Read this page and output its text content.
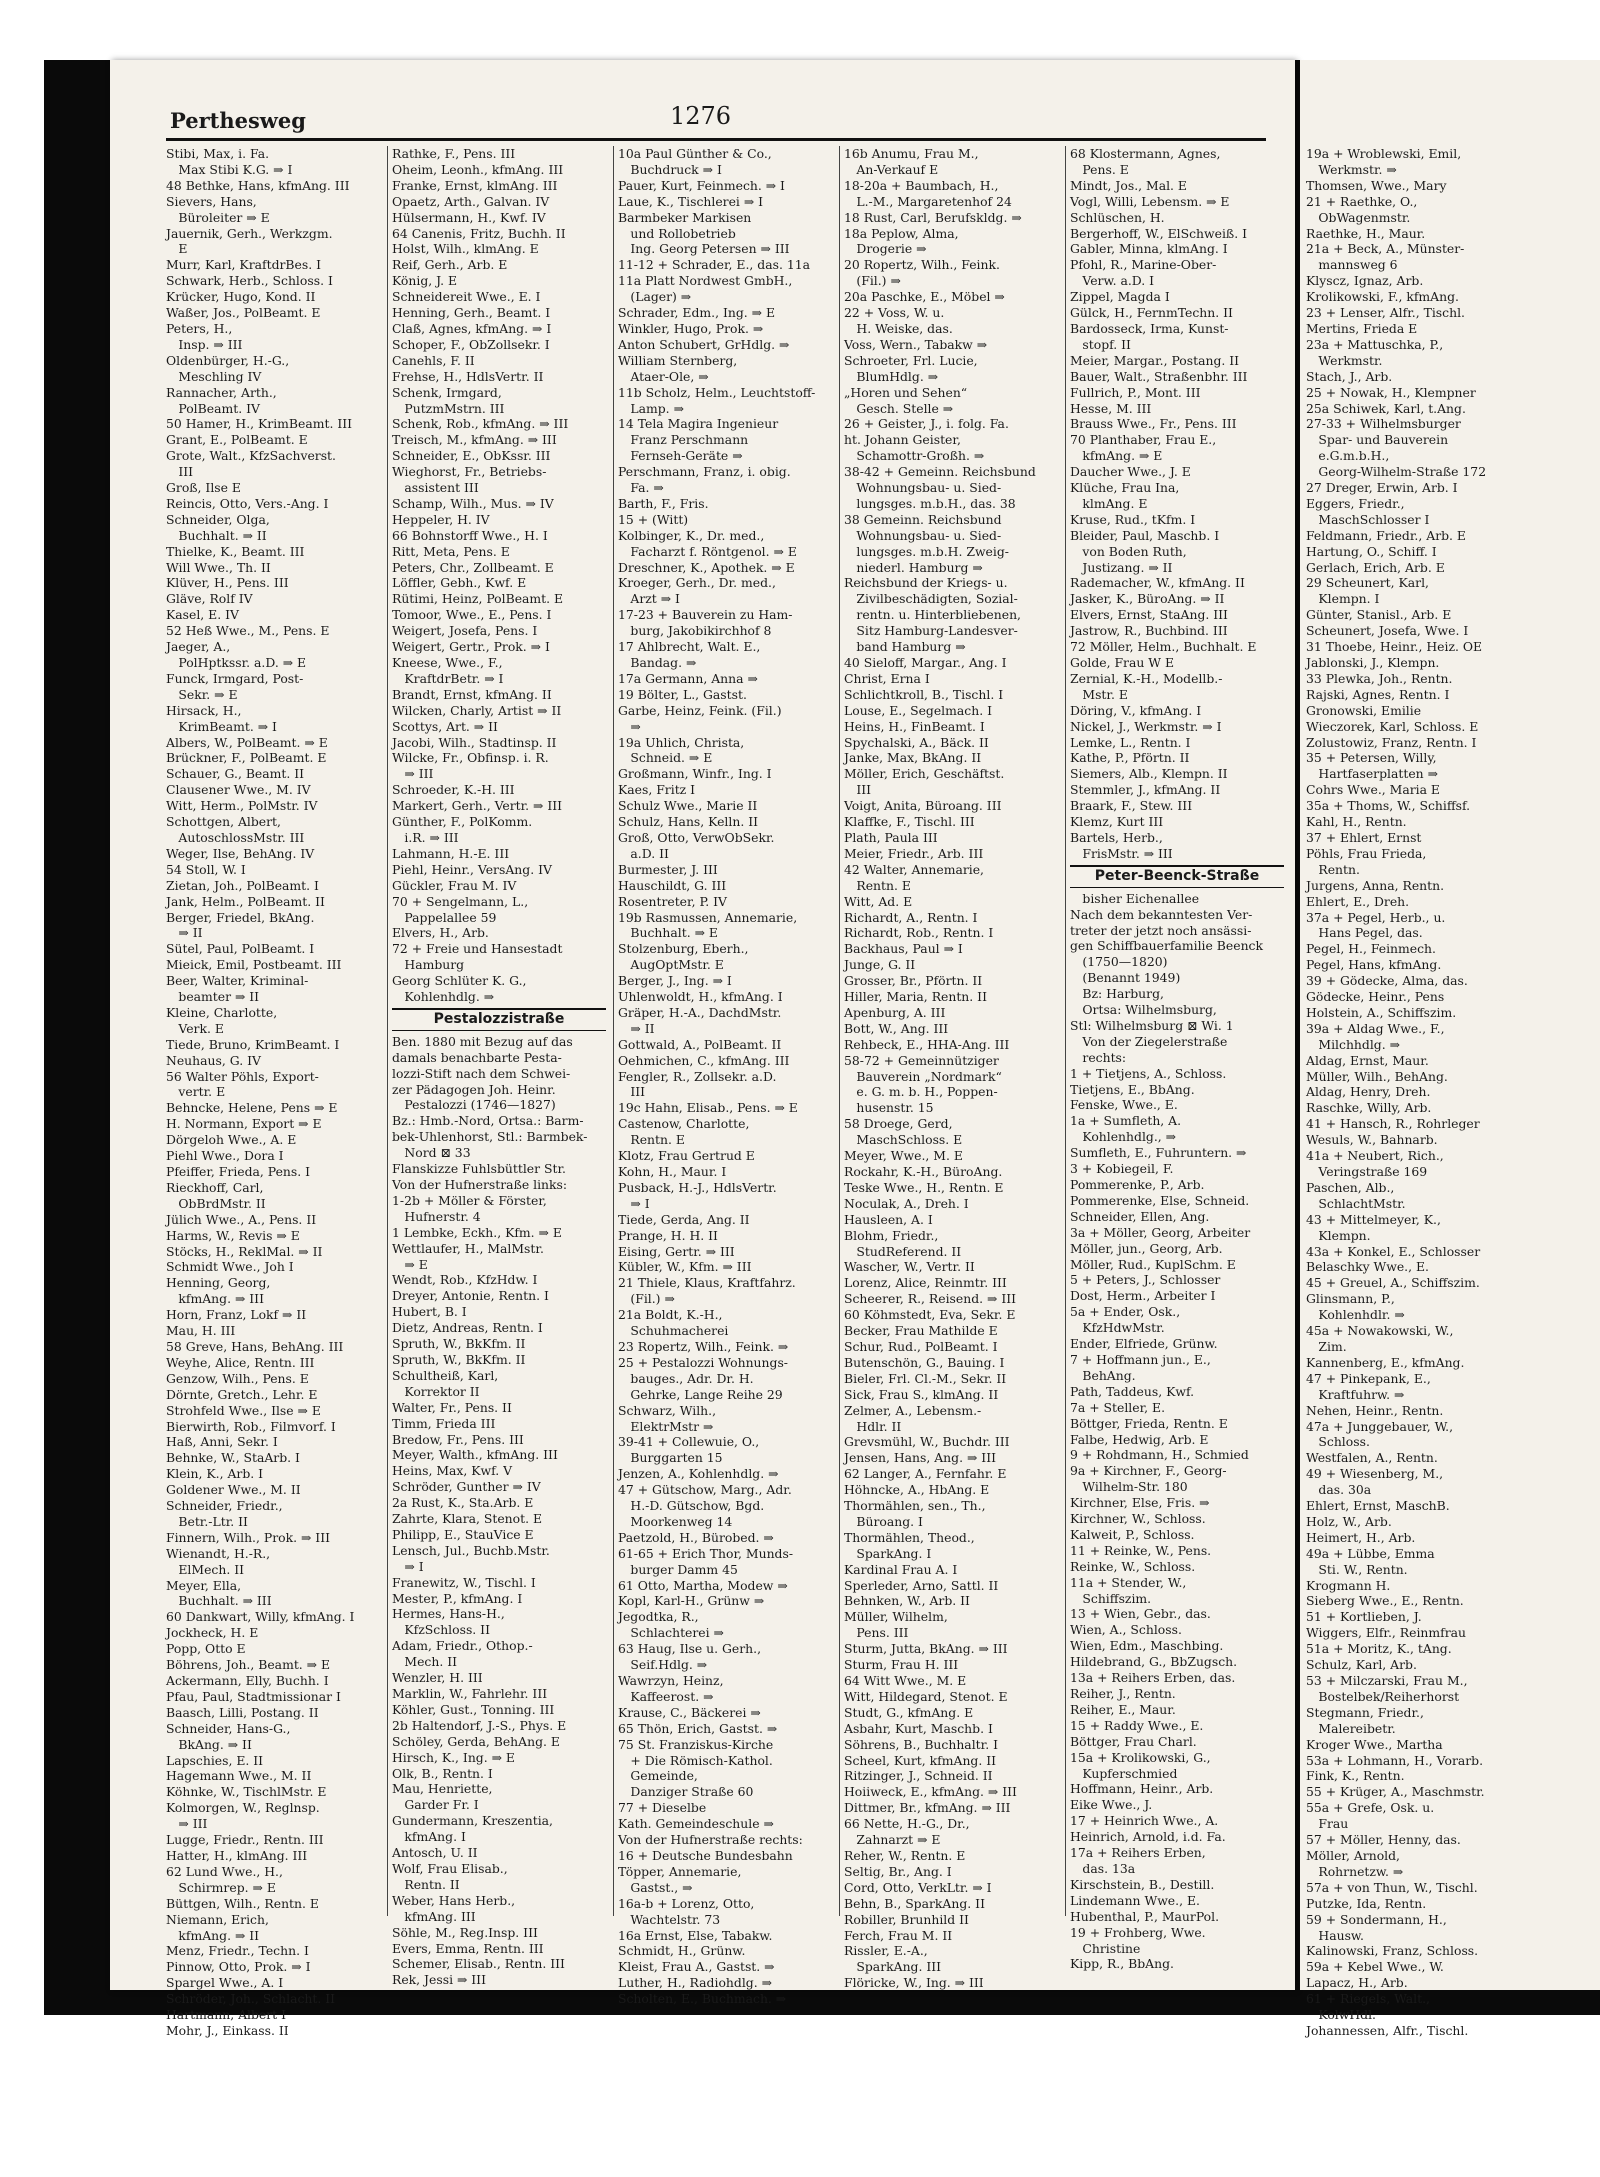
Perthesweg	1276
Stibi, Max, i. Fa.
 Max Stibi K.G. ⇒ I
48 Bethke, Hans, kfmAng. III
Sievers, Hans,
 Büroleiter ⇒ E
Jauernik, Gerh., Werkzgm.
 E
Murr, Karl, KraftdrBes. I
Schwark, Herb., Schloss. I
Krücker, Hugo, Kond. II
Waßer, Jos., PolBeamt. E
Peters, H.,
 Insp. ⇒ III
Oldenbürger, H.-G.,
 Meschling IV
Rannacher, Arth.,
 PolBeamt. IV
50 Hamer, H., KrimBeamt. III
Grant, E., PolBeamt. E
Grote, Walt., KfzSachverst.
 III
Groß, Ilse E
Reincis, Otto, Vers.-Ang. I
Schneider, Olga,
 Buchhalt. ⇒ II
Thielke, K., Beamt. III
Will Wwe., Th. II
Klüver, H., Pens. III
Gläve, Rolf IV
Kasel, E. IV
52 Heß Wwe., M., Pens. E
Jaeger, A.,
 PolHptkssr. a.D. ⇒ E
Funck, Irmgard, Post-
 Sekr. ⇒ E
Hirsack, H.,
 KrimBeamt. ⇒ I
Albers, W., PolBeamt. ⇒ E
Brückner, F., PolBeamt. E
Schauer, G., Beamt. II
Clausener Wwe., M. IV
Witt, Herm., PolMstr. IV
Schottgen, Albert,
 AutoschlossMstr. III
Weger, Ilse, BehAng. IV
54 Stoll, W. I
Zietan, Joh., PolBeamt. I
Jank, Helm., PolBeamt. II
Berger, Friedel, BkAng.
 ⇒ II
Sütel, Paul, PolBeamt. I
Mieick, Emil, Postbeamt. III
Beer, Walter, Kriminal-
 beamter ⇒ II
Kleine, Charlotte,
 Verk. E
Tiede, Bruno, KrimBeamt. I
Neuhaus, G. IV
56 Walter Pöhls, Export-
 vertr. E
Behncke, Helene, Pens ⇒ E
H. Normann, Export ⇒ E
Dörgeloh Wwe., A. E
Piehl Wwe., Dora I
Pfeiffer, Frieda, Pens. I
Rieckhoff, Carl,
 ObBrdMstr. II
Jülich Wwe., A., Pens. II
Harms, W., Revis ⇒ E
Stöcks, H., ReklMal. ⇒ II
Schmidt Wwe., Joh I
Henning, Georg,
 kfmAng. ⇒ III
Horn, Franz, Lokf ⇒ II
Mau, H. III
58 Greve, Hans, BehAng. III
Weyhe, Alice, Rentn. III
Genzow, Wilh., Pens. E
Dörnte, Gretch., Lehr. E
Strohfeld Wwe., Ilse ⇒ E
Bierwirth, Rob., Filmvorf. I
Haß, Anni, Sekr. I
Behnke, W., StaArb. I
Klein, K., Arb. I
Goldener Wwe., M. II
Schneider, Friedr.,
 Betr.-Ltr. II
Finnern, Wilh., Prok. ⇒ III
Wienandt, H.-R.,
 ElMech. II
Meyer, Ella,
 Buchhalt. ⇒ III
60 Dankwart, Willy, kfmAng. I
Jockheck, H. E
Popp, Otto E
Böhrens, Joh., Beamt. ⇒ E
Ackermann, Elly, Buchh. I
Pfau, Paul, Stadtmissionar I
Baasch, Lilli, Postang. II
Schneider, Hans-G.,
 BkAng. ⇒ II
Lapschies, E. II
Hagemann Wwe., M. II
Köhnke, W., TischlMstr. E
Kolmorgen, W., Reglnsp.
 ⇒ III
Lugge, Friedr., Rentn. III
Hatter, H., klmAng. III
62 Lund Wwe., H.,
 Schirmrep. ⇒ E
Büttgen, Wilh., Rentn. E
Niemann, Erich,
 kfmAng. ⇒ II
Menz, Friedr., Techn. I
Pinnow, Otto, Prok. ⇒ I
Spargel Wwe., A. I
Schröder, Joh., Schlacht. II
Hartmann, Albert I
Mohr, J., Einkass. II
Rathke, F., Pens. III
Oheim, Leonh., kfmAng. III
Franke, Ernst, klmAng. III
Opaetz, Arth., Galvan. IV
Hülsermann, H., Kwf. IV
64 Canenis, Fritz, Buchh. II
Holst, Wilh., klmAng. E
Reif, Gerh., Arb. E
König, J. E
Schneidereit Wwe., E. I
Henning, Gerh., Beamt. I
Claß, Agnes, kfmAng. ⇒ I
Schoper, F., ObZollsekr. I
Canehls, F. II
Frehse, H., HdlsVertr. II
Schenk, Irmgard,
 PutzmMstrn. III
Schenk, Rob., kfmAng. ⇒ III
Treisch, M., kfmAng. ⇒ III
Schneider, E., ObKssr. III
Wieghorst, Fr., Betriebs-
 assistent III
Schamp, Wilh., Mus. ⇒ IV
Heppeler, H. IV
66 Bohnstorff Wwe., H. I
Ritt, Meta, Pens. E
Peters, Chr., Zollbeamt. E
Löffler, Gebh., Kwf. E
Rütimi, Heinz, PolBeamt. E
Tomoor, Wwe., E., Pens. I
Weigert, Josefa, Pens. I
Weigert, Gertr., Prok. ⇒ I
Kneese, Wwe., F.,
 KraftdrBetr. ⇒ I
Brandt, Ernst, kfmAng. II
Wilcken, Charly, Artist ⇒ II
Scottys, Art. ⇒ II
Jacobi, Wilh., Stadtinsp. II
Wilcke, Fr., Obfinsp. i. R.
 ⇒ III
Schroeder, K.-H. III
Markert, Gerh., Vertr. ⇒ III
Günther, F., PolKomm.
 i.R. ⇒ III
Lahmann, H.-E. III
Piehl, Heinr., VersAng. IV
Gückler, Frau M. IV
70 + Sengelmann, L.,
 Pappelallee 59
Elvers, H., Arb.
72 + Freie und Hansestadt
 Hamburg
Georg Schlüter K. G.,
 Kohlenhdlg. ⇒
Pestalozzistraße
Ben. 1880 mit Bezug auf das
damals benachbarte Pesta-
lozzi-Stift nach dem Schwei-
zer Pädagogen Joh. Heinr.
 Pestalozzi (1746—1827)
Bz.: Hmb.-Nord, Ortsa.: Barm-
bek-Uhlenhorst, Stl.: Barmbek-
 Nord ⊠ 33
Flanskizze Fuhlsbüttler Str.
Von der Hufnerstraße links:
1-2b + Möller & Förster,
 Hufnerstr. 4
1 Lembke, Eckh., Kfm. ⇒ E
Wettlaufer, H., MalMstr.
 ⇒ E
Wendt, Rob., KfzHdw. I
Dreyer, Antonie, Rentn. I
Hubert, B. I
Dietz, Andreas, Rentn. I
Spruth, W., BkKfm. II
Spruth, W., BkKfm. II
Schultheiß, Karl,
 Korrektor II
Walter, Fr., Pens. II
Timm, Frieda III
Bredow, Fr., Pens. III
Meyer, Walth., kfmAng. III
Heins, Max, Kwf. V
Schröder, Gunther ⇒ IV
2a Rust, K., Sta.Arb. E
Zahrte, Klara, Stenot. E
Philipp, E., StauVice E
Lensch, Jul., Buchb.Mstr.
 ⇒ I
Franewitz, W., Tischl. I
Mester, P., kfmAng. I
Hermes, Hans-H.,
 KfzSchloss. II
Adam, Friedr., Othop.-
 Mech. II
Wenzler, H. III
Marklin, W., Fahrlehr. III
Köhler, Gust., Tonning. III
2b Haltendorf, J.-S., Phys. E
Schöley, Gerda, BehAng. E
Hirsch, K., Ing. ⇒ E
Olk, B., Rentn. I
Mau, Henriette,
 Garder Fr. I
Gundermann, Kreszentia,
 kfmAng. I
Antosch, U. II
Wolf, Frau Elisab.,
 Rentn. II
Weber, Hans Herb.,
 kfmAng. III
Söhle, M., Reg.Insp. III
Evers, Emma, Rentn. III
Schemer, Elisab., Rentn. III
Rek, Jessi ⇒ III
10a Paul Günther & Co.,
 Buchdruck ⇒ I
Pauer, Kurt, Feinmech. ⇒ I
Laue, K., Tischlerei ⇒ I
Barmbeker Markisen
 und Rollobetrieb
 Ing. Georg Petersen ⇒ III
11-12 + Schrader, E., das. 11a
11a Platt Nordwest GmbH.,
 (Lager) ⇒
Schrader, Edm., Ing. ⇒ E
Winkler, Hugo, Prok. ⇒
Anton Schubert, GrHdlg. ⇒
William Sternberg,
 Ataer-Ole, ⇒
11b Scholz, Helm., Leuchtstoff-
 Lamp. ⇒
14 Tela Magira Ingenieur
 Franz Perschmann
 Fernseh-Geräte ⇒
Perschmann, Franz, i. obig.
 Fa. ⇒
Barth, F., Fris.
15 + (Witt)
Kolbinger, K., Dr. med.,
 Facharzt f. Röntgenol. ⇒ E
Dreschner, K., Apothek. ⇒ E
Kroeger, Gerh., Dr. med.,
 Arzt ⇒ I
17-23 + Bauverein zu Ham-
 burg, Jakobikirchhof 8
17 Ahlbrecht, Walt. E.,
 Bandag. ⇒
17a Germann, Anna ⇒
19 Bölter, L., Gastst.
Garbe, Heinz, Feink. (Fil.)
 ⇒
19a Uhlich, Christa,
 Schneid. ⇒ E
Großmann, Winfr., Ing. I
Kaes, Fritz I
Schulz Wwe., Marie II
Schulz, Hans, Kelln. II
Groß, Otto, VerwObSekr.
 a.D. II
Burmester, J. III
Hauschildt, G. III
Rosentreter, P. IV
19b Rasmussen, Annemarie,
 Buchhalt. ⇒ E
Stolzenburg, Eberh.,
 AugOptMstr. E
Berger, J., Ing. ⇒ I
Uhlenwoldt, H., kfmAng. I
Gräper, H.-A., DachdMstr.
 ⇒ II
Gottwald, A., PolBeamt. II
Oehmichen, C., kfmAng. III
Fengler, R., Zollsekr. a.D.
 III
19c Hahn, Elisab., Pens. ⇒ E
Castenow, Charlotte,
 Rentn. E
Klotz, Frau Gertrud E
Kohn, H., Maur. I
Pusback, H.-J., HdlsVertr.
 ⇒ I
Tiede, Gerda, Ang. II
Prange, H. H. II
Eising, Gertr. ⇒ III
Kübler, W., Kfm. ⇒ III
21 Thiele, Klaus, Kraftfahrz.
 (Fil.) ⇒
21a Boldt, K.-H.,
 Schuhmacherei
23 Ropertz, Wilh., Feink. ⇒
25 + Pestalozzi Wohnungs-
 bauges., Adr. Dr. H.
 Gehrke, Lange Reihe 29
Schwarz, Wilh.,
 ElektrMstr ⇒
39-41 + Collewuie, O.,
 Burggarten 15
Jenzen, A., Kohlenhdlg. ⇒
47 + Gütschow, Marg., Adr.
 H.-D. Gütschow, Bgd.
 Moorkenweg 14
Paetzold, H., Bürobed. ⇒
61-65 + Erich Thor, Munds-
 burger Damm 45
61 Otto, Martha, Modew ⇒
Kopl, Karl-H., Grünw ⇒
Jegodtka, R.,
 Schlachterei ⇒
63 Haug, Ilse u. Gerh.,
 Seif.Hdlg. ⇒
Wawrzyn, Heinz,
 Kaffeerost. ⇒
Krause, C., Bäckerei ⇒
65 Thön, Erich, Gastst. ⇒
75 St. Franziskus-Kirche
 + Die Römisch-Kathol.
 Gemeinde,
 Danziger Straße 60
77 + Dieselbe
Kath. Gemeindeschule ⇒
Von der Hufnerstraße rechts:
16 + Deutsche Bundesbahn
Töpper, Annemarie,
 Gastst., ⇒
16a-b + Lorenz, Otto,
 Wachtelstr. 73
16a Ernst, Else, Tabakw.
Schmidt, H., Grünw.
Kleist, Frau A., Gastst. ⇒
Luther, H., Radiohdlg. ⇒
Scholten, E., Buchmach. ⇒
16b Anumu, Frau M.,
 An-Verkauf E
18-20a + Baumbach, H.,
 L.-M., Margaretenhof 24
18 Rust, Carl, Berufskldg. ⇒
18a Peplow, Alma,
 Drogerie ⇒
20 Ropertz, Wilh., Feink.
 (Fil.) ⇒
20a Paschke, E., Möbel ⇒
22 + Voss, W. u.
 H. Weiske, das.
Voss, Wern., Tabakw ⇒
Schroeter, Frl. Lucie,
 BlumHdlg. ⇒
„Horen und Sehen“
 Gesch. Stelle ⇒
26 + Geister, J., i. folg. Fa.
ht. Johann Geister,
 Schamottr-Großh. ⇒
38-42 + Gemeinn. Reichsbund
 Wohnungsbau- u. Sied-
 lungsges. m.b.H., das. 38
38 Gemeinn. Reichsbund
 Wohnungsbau- u. Sied-
 lungsges. m.b.H. Zweig-
 niederl. Hamburg ⇒
Reichsbund der Kriegs- u.
 Zivilbeschädigten, Sozial-
 rentn. u. Hinterbliebenen,
 Sitz Hamburg-Landesver-
 band Hamburg ⇒
40 Sieloff, Margar., Ang. I
Christ, Erna I
Schlichtkroll, B., Tischl. I
Louse, E., Segelmach. I
Heins, H., FinBeamt. I
Spychalski, A., Bäck. II
Janke, Max, BkAng. II
Möller, Erich, Geschäftst.
 III
Voigt, Anita, Büroang. III
Klaffke, F., Tischl. III
Plath, Paula III
Meier, Friedr., Arb. III
42 Walter, Annemarie,
 Rentn. E
Witt, Ad. E
Richardt, A., Rentn. I
Richardt, Rob., Rentn. I
Backhaus, Paul ⇒ I
Junge, G. II
Grosser, Br., Pförtn. II
Hiller, Maria, Rentn. II
Apenburg, A. III
Bott, W., Ang. III
Rehbeck, E., HHA-Ang. III
58-72 + Gemeinnütziger
 Bauverein „Nordmark“
 e. G. m. b. H., Poppen-
 husenstr. 15
58 Droege, Gerd,
 MaschSchloss. E
Meyer, Wwe., M. E
Rockahr, K.-H., BüroAng.
Teske Wwe., H., Rentn. E
Noculak, A., Dreh. I
Hausleen, A. I
Blohm, Friedr.,
 StudReferend. II
Wascher, W., Vertr. II
Lorenz, Alice, Reinmtr. III
Scheerer, R., Reisend. ⇒ III
60 Köhmstedt, Eva, Sekr. E
Becker, Frau Mathilde E
Schur, Rud., PolBeamt. I
Butenschön, G., Bauing. I
Bieler, Frl. Cl.-M., Sekr. II
Sick, Frau S., klmAng. II
Zelmer, A., Lebensm.-
 Hdlr. II
Grevsmühl, W., Buchdr. III
Jensen, Hans, Ang. ⇒ III
62 Langer, A., Fernfahr. E
Höhncke, A., HbAng. E
Thormählen, sen., Th.,
 Büroang. I
Thormählen, Theod.,
 SparkAng. I
Kardinal Frau A. I
Sperleder, Arno, Sattl. II
Behnken, W., Arb. II
Müller, Wilhelm,
 Pens. III
Sturm, Jutta, BkAng. ⇒ III
Sturm, Frau H. III
64 Witt Wwe., M. E
Witt, Hildegard, Stenot. E
Studt, G., kfmAng. E
Asbahr, Kurt, Maschb. I
Söhrens, B., Buchhaltr. I
Scheel, Kurt, kfmAng. II
Ritzinger, J., Schneid. II
Hoiiweck, E., kfmAng. ⇒ III
Dittmer, Br., kfmAng. ⇒ III
66 Nette, H.-G., Dr.,
 Zahnarzt ⇒ E
Reher, W., Rentn. E
Seltig, Br., Ang. I
Cord, Otto, VerkLtr. ⇒ I
Behn, B., SparkAng. II
Robiller, Brunhild II
Ferch, Frau M. II
Rissler, E.-A.,
 SparkAng. III
Flöricke, W., Ing. ⇒ III
68 Klostermann, Agnes,
 Pens. E
Mindt, Jos., Mal. E
Vogl, Willi, Lebensm. ⇒ E
Schlüschen, H.
Bergerhoff, W., ElSchweiß. I
Gabler, Minna, klmAng. I
Pfohl, R., Marine-Ober-
 Verw. a.D. I
Zippel, Magda I
Gülck, H., FernmTechn. II
Bardosseck, Irma, Kunst-
 stopf. II
Meier, Margar., Postang. II
Bauer, Walt., Straßenbhr. III
Fullrich, P., Mont. III
Hesse, M. III
Brauss Wwe., Fr., Pens. III
70 Planthaber, Frau E.,
 kfmAng. ⇒ E
Daucher Wwe., J. E
Klüche, Frau Ina,
 klmAng. E
Kruse, Rud., tKfm. I
Bleider, Paul, Maschb. I
 von Boden Ruth,
 Justizang. ⇒ II
Rademacher, W., kfmAng. II
Jasker, K., BüroAng. ⇒ II
Elvers, Ernst, StaAng. III
Jastrow, R., Buchbind. III
72 Möller, Helm., Buchhalt. E
Golde, Frau W E
Zernial, K.-H., Modellb.-
 Mstr. E
Döring, V., kfmAng. I
Nickel, J., Werkmstr. ⇒ I
Lemke, L., Rentn. I
Kathe, P., Pförtn. II
Siemers, Alb., Klempn. II
Stemmler, J., kfmAng. II
Braark, F., Stew. III
Klemz, Kurt III
Bartels, Herb.,
 FrisMstr. ⇒ III
Peter-Beenck-Straße
 bisher Eichenallee
Nach dem bekanntesten Ver-
treter der jetzt noch ansässi-
gen Schiffbauerfamilie Beenck
 (1750—1820)
 (Benannt 1949)
 Bz: Harburg,
 Ortsa: Wilhelmsburg,
Stl: Wilhelmsburg ⊠ Wi. 1
 Von der Ziegelerstraße
 rechts:
1 + Tietjens, A., Schloss.
Tietjens, E., BbAng.
Fenske, Wwe., E.
1a + Sumfleth, A.
 Kohlenhdlg., ⇒
Sumfleth, E., Fuhruntern. ⇒
3 + Kobiegeil, F.
Pommerenke, P., Arb.
Pommerenke, Else, Schneid.
Schneider, Ellen, Ang.
3a + Möller, Georg, Arbeiter
Möller, jun., Georg, Arb.
Möller, Rud., KuplSchm. E
5 + Peters, J., Schlosser
Dost, Herm., Arbeiter I
5a + Ender, Osk.,
 KfzHdwMstr.
Ender, Elfriede, Grünw.
7 + Hoffmann jun., E.,
 BehAng.
Path, Taddeus, Kwf.
7a + Steller, E.
Böttger, Frieda, Rentn. E
Falbe, Hedwig, Arb. E
9 + Rohdmann, H., Schmied
9a + Kirchner, F., Georg-
 Wilhelm-Str. 180
Kirchner, Else, Fris. ⇒
Kirchner, W., Schloss.
Kalweit, P., Schloss.
11 + Reinke, W., Pens.
Reinke, W., Schloss.
11a + Stender, W.,
 Schiffszim.
13 + Wien, Gebr., das.
Wien, A., Schloss.
Wien, Edm., Maschbing.
Hildebrand, G., BbZugsch.
13a + Reihers Erben, das.
Reiher, J., Rentn.
Reiher, E., Maur.
15 + Raddy Wwe., E.
Böttger, Frau Charl.
15a + Krolikowski, G.,
 Kupferschmied
Hoffmann, Heinr., Arb.
Eike Wwe., J.
17 + Heinrich Wwe., A.
Heinrich, Arnold, i.d. Fa.
17a + Reihers Erben,
 das. 13a
Kirschstein, B., Destill.
Lindemann Wwe., E.
Hubenthal, P., MaurPol.
19 + Frohberg, Wwe.
 Christine
Kipp, R., BbAng.
19a + Wroblewski, Emil,
 Werkmstr. ⇒
Thomsen, Wwe., Mary
21 + Raethke, O.,
 ObWagenmstr.
Raethke, H., Maur.
21a + Beck, A., Münster-
 mannsweg 6
Klyscz, Ignaz, Arb.
Krolikowski, F., kfmAng.
23 + Lenser, Alfr., Tischl.
Mertins, Frieda E
23a + Mattuschka, P.,
 Werkmstr.
Stach, J., Arb.
25 + Nowak, H., Klempner
25a Schiwek, Karl, t.Ang.
27-33 + Wilhelmsburger
 Spar- und Bauverein
 e.G.m.b.H.,
 Georg-Wilhelm-Straße 172
27 Dreger, Erwin, Arb. I
Eggers, Friedr.,
 MaschSchlosser I
Feldmann, Friedr., Arb. E
Hartung, O., Schiff. I
Gerlach, Erich, Arb. E
29 Scheunert, Karl,
 Klempn. I
Günter, Stanisl., Arb. E
Scheunert, Josefa, Wwe. I
31 Thoebe, Heinr., Heiz. OE
Jablonski, J., Klempn.
33 Plewka, Joh., Rentn.
Rajski, Agnes, Rentn. I
Gronowski, Emilie
Wieczorek, Karl, Schloss. E
Zolustowiz, Franz, Rentn. I
35 + Petersen, Willy,
 Hartfaserplatten ⇒
Cohrs Wwe., Maria E
35a + Thoms, W., Schiffsf.
Kahl, H., Rentn.
37 + Ehlert, Ernst
Pöhls, Frau Frieda,
 Rentn.
Jurgens, Anna, Rentn.
Ehlert, E., Dreh.
37a + Pegel, Herb., u.
 Hans Pegel, das.
Pegel, H., Feinmech.
Pegel, Hans, kfmAng.
39 + Gödecke, Alma, das.
Gödecke, Heinr., Pens
Holstein, A., Schiffszim.
39a + Aldag Wwe., F.,
 Milchhdlg. ⇒
Aldag, Ernst, Maur.
Müller, Wilh., BehAng.
Aldag, Henry, Dreh.
Raschke, Willy, Arb.
41 + Hansch, R., Rohrleger
Wesuls, W., Bahnarb.
41a + Neubert, Rich.,
 Veringstraße 169
Paschen, Alb.,
 SchlachtMstr.
43 + Mittelmeyer, K.,
 Klempn.
43a + Konkel, E., Schlosser
Belaschky Wwe., E.
45 + Greuel, A., Schiffszim.
Glinsmann, P.,
 Kohlenhdlr. ⇒
45a + Nowakowski, W.,
 Zim.
Kannenberg, E., kfmAng.
47 + Pinkepank, E.,
 Kraftfuhrw. ⇒
Nehen, Heinr., Rentn.
47a + Junggebauer, W.,
 Schloss.
Westfalen, A., Rentn.
49 + Wiesenberg, M.,
 das. 30a
Ehlert, Ernst, MaschB.
Holz, W., Arb.
Heimert, H., Arb.
49a + Lübbe, Emma
 Sti. W., Rentn.
Krogmann H.
Sieberg Wwe., E., Rentn.
51 + Kortlieben, J.
Wiggers, Elfr., Reinmfrau
51a + Moritz, K., tAng.
Schulz, Karl, Arb.
53 + Milczarski, Frau M.,
 Bostelbek/Reiherhorst
Stegmann, Friedr.,
 Malereibetr.
Kroger Wwe., Martha
53a + Lohmann, H., Vorarb.
Fink, K., Rentn.
55 + Krüger, A., Maschmstr.
55a + Grefe, Osk. u.
 Frau
57 + Möller, Henny, das.
Möller, Arnold,
 Rohrnetzw. ⇒
57a + von Thun, W., Tischl.
Putzke, Ida, Rentn.
59 + Sondermann, H.,
 Hausw.
Kalinowski, Franz, Schloss.
59a + Kebel Wwe., W.
Lapacz, H., Arb.
61 + Riegels, Walt.,
 KolwHdl.
Johannessen, Alfr., Tischl.
